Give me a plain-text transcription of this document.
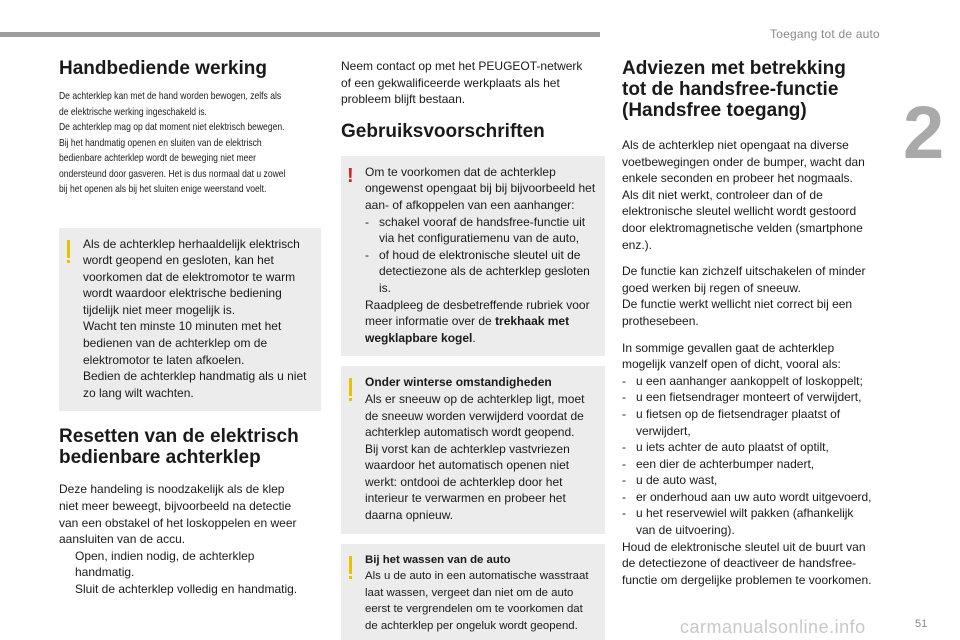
Toegang tot de auto
2
carmanualsonline.info	51
Handbediende werking
De achterklep kan met de hand worden bewogen, zelfs als
de elektrische werking ingeschakeld is.
De achterklep mag op dat moment niet elektrisch bewegen.
Bij het handmatig openen en sluiten van de elektrisch
bedienbare achterklep wordt de beweging niet meer
ondersteund door gasveren. Het is dus normaal dat u zowel
bij het openen als bij het sluiten enige weerstand voelt.
Als de achterklep herhaaldelijk elektrisch
wordt geopend en gesloten, kan het
voorkomen dat de elektromotor te warm
wordt waardoor elektrische bediening
tijdelijk niet meer mogelijk is.
Wacht ten minste 10 minuten met het
bedienen van de achterklep om de
elektromotor te laten afkoelen.
Bedien de achterklep handmatig als u niet
zo lang wilt wachten.
Resetten van de elektrisch
bedienbare achterklep
Deze handeling is noodzakelijk als de klep
niet meer beweegt, bijvoorbeeld na detectie
van een obstakel of het loskoppelen en weer
aansluiten van de accu.
Open, indien nodig, de achterklep
handmatig.
Sluit de achterklep volledig en handmatig.
Neem contact op met het PEUGEOT-netwerk
of een gekwalificeerde werkplaats als het
probleem blijft bestaan.
Gebruiksvoorschriften
! Om te voorkomen dat de achterklep
ongewenst opengaat bij bij bijvoorbeeld het
aan- of afkoppelen van een aanhanger:
- schakel vooraf de handsfree-functie uit
via het configuratiemenu van de auto,
- of houd de elektronische sleutel uit de
detectiezone als de achterklep gesloten
is.
Raadpleeg de desbetreffende rubriek voor
meer informatie over de trekhaak met
wegklapbare kogel.
Onder winterse omstandigheden
Als er sneeuw op de achterklep ligt, moet
de sneeuw worden verwijderd voordat de
achterklep automatisch wordt geopend.
Bij vorst kan de achterklep vastvriezen
waardoor het automatisch openen niet
werkt: ontdooi de achterklep door het
interieur te verwarmen en probeer het
daarna opnieuw.
Bij het wassen van de auto
Als u de auto in een automatische wasstraat
laat wassen, vergeet dan niet om de auto
eerst te vergrendelen om te voorkomen dat
de achterklep per ongeluk wordt geopend.
Adviezen met betrekking
tot de handsfree-functie
(Handsfree toegang)
Als de achterklep niet opengaat na diverse
voetbewegingen onder de bumper, wacht dan
enkele seconden en probeer het nogmaals.
Als dit niet werkt, controleer dan of de
elektronische sleutel wellicht wordt gestoord
door elektromagnetische velden (smartphone
enz.).
De functie kan zichzelf uitschakelen of minder
goed werken bij regen of sneeuw.
De functie werkt wellicht niet correct bij een
prothesebeen.
In sommige gevallen gaat de achterklep
mogelijk vanzelf open of dicht, vooral als:
- u een aanhanger aankoppelt of loskoppelt;
- u een fietsendrager monteert of verwijdert,
- u fietsen op de fietsendrager plaatst of
verwijdert,
- u iets achter de auto plaatst of optilt,
- een dier de achterbumper nadert,
- u de auto wast,
- er onderhoud aan uw auto wordt uitgevoerd,
- u het reservewiel wilt pakken (afhankelijk
van de uitvoering).
Houd de elektronische sleutel uit de buurt van
de detectiezone of deactiveer de handsfree-
functie om dergelijke problemen te voorkomen.
